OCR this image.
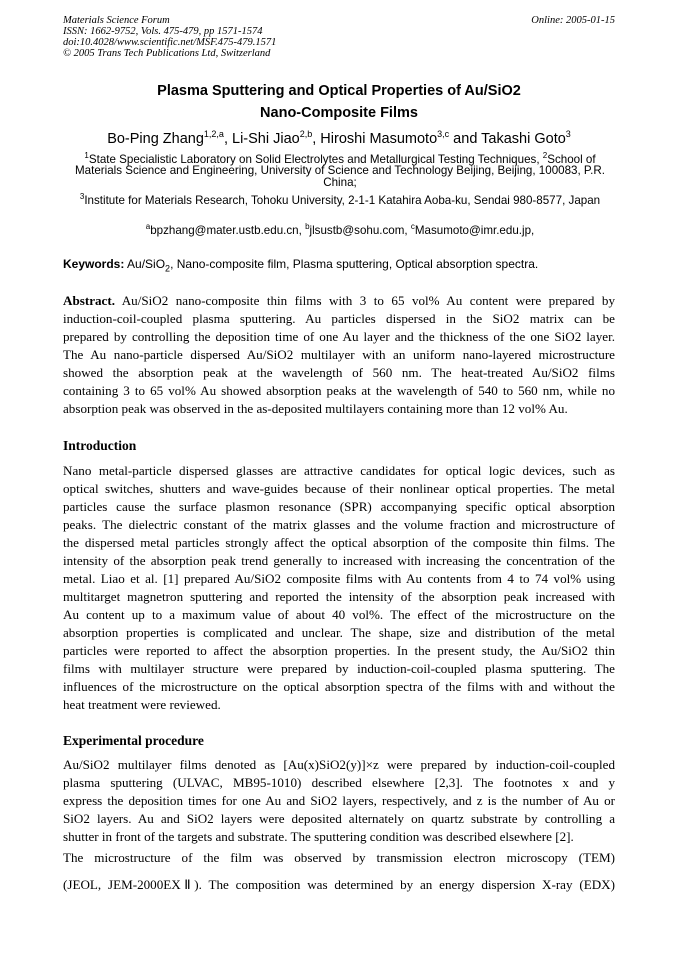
Materials Science Forum
ISSN: 1662-9752, Vols. 475-479, pp 1571-1574
doi:10.4028/www.scientific.net/MSF.475-479.1571
© 2005 Trans Tech Publications Ltd, Switzerland
Online: 2005-01-15
Plasma Sputtering and Optical Properties of Au/SiO2
Nano-Composite Films
Bo-Ping Zhang$^{1,2,a}$, Li-Shi Jiao$^{2,b}$, Hiroshi Masumoto$^{3,c}$ and Takashi Goto$^3$
$^1$State Specialistic Laboratory on Solid Electrolytes and Metallurgical Testing Techniques, $^2$School of Materials Science and Engineering, University of Science and Technology Beijing, Beijing, 100083, P.R. China;
$^3$Institute for Materials Research, Tohoku University, 2-1-1 Katahira Aoba-ku, Sendai 980-8577, Japan
$^a$bpzhang@mater.ustb.edu.cn, $^b$jlsustb@sohu.com, $^c$Masumoto@imr.edu.jp,
Keywords: Au/SiO$_2$, Nano-composite film, Plasma sputtering, Optical absorption spectra.
Abstract. Au/SiO2 nano-composite thin films with 3 to 65 vol% Au content were prepared by
induction-coil-coupled plasma sputtering. Au particles dispersed in the SiO2 matrix can be
prepared by controlling the deposition time of one Au layer and the thickness of the one SiO2 layer.
The Au nano-particle dispersed Au/SiO2 multilayer with an uniform nano-layered microstructure
showed the absorption peak at the wavelength of 560 nm. The heat-treated Au/SiO2 films
containing 3 to 65 vol% Au showed absorption peaks at the wavelength of 540 to 560 nm, while no
absorption peak was observed in the as-deposited multilayers containing more than 12 vol% Au.
Introduction
Nano metal-particle dispersed glasses are attractive candidates for optical logic devices, such as
optical switches, shutters and wave-guides because of their nonlinear optical properties. The metal
particles cause the surface plasmon resonance (SPR) accompanying specific optical absorption
peaks. The dielectric constant of the matrix glasses and the volume fraction and microstructure of
the dispersed metal particles strongly affect the optical absorption of the composite thin films. The
intensity of the absorption peak trend generally to increased with increasing the concentration of the
metal. Liao et al. [1] prepared Au/SiO2 composite films with Au contents from 4 to 74 vol% using
multitarget magnetron sputtering and reported the intensity of the absorption peak increased with
Au content up to a maximum value of about 40 vol%. The effect of the microstructure on the
absorption properties is complicated and unclear. The shape, size and distribution of the metal
particles were reported to affect the absorption properties. In the present study, the Au/SiO2 thin
films with multilayer structure were prepared by induction-coil-coupled plasma sputtering. The
influences of the microstructure on the optical absorption spectra of the films with and without the
heat treatment were reviewed.
Experimental procedure
Au/SiO2 multilayer films denoted as [Au(x)SiO2(y)]×z were prepared by induction-coil-coupled
plasma sputtering (ULVAC, MB95-1010) described elsewhere [2,3]. The footnotes x and y
express the deposition times for one Au and SiO2 layers, respectively, and z is the number of Au or
SiO2 layers. Au and SiO2 layers were deposited alternately on quartz substrate by controlling a
shutter in front of the targets and substrate. The sputtering condition was described elsewhere [2].
The microstructure of the film was observed by transmission electron microscopy (TEM)
(JEOL, JEM-2000EXⅡ). The composition was determined by an energy dispersion X-ray (EDX)
